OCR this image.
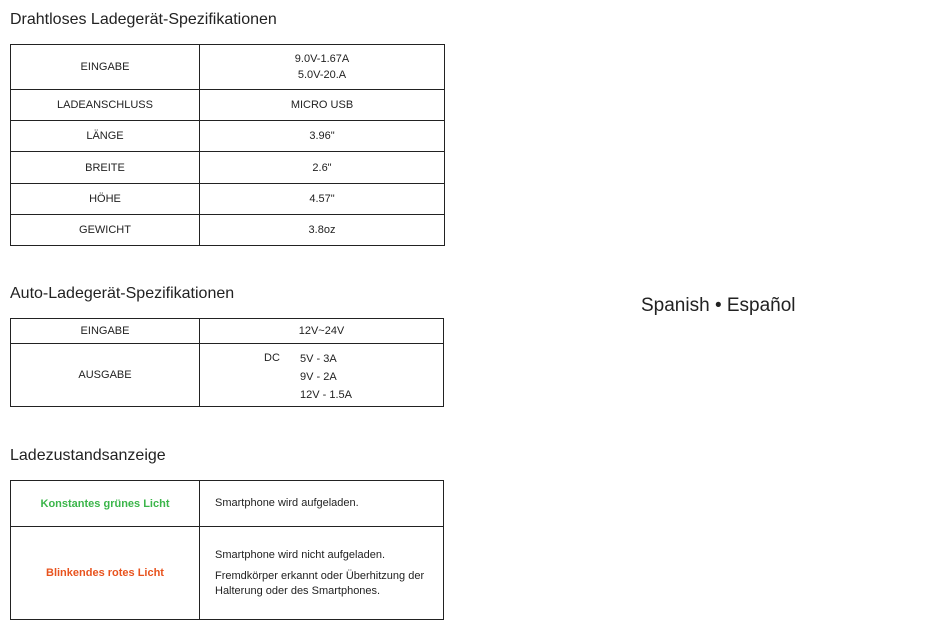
Drahtloses Ladegerät-Spezifikationen
EINGABE	9.0V-1.67A
5.0V-20.A

LADEANSCHLUSS	MICRO USB
LÄNGE	3.96"
BREITE	2.6"
HÖHE	4.57"
GEWICHT	3.8oz
Auto-Ladegerät-Spezifikationen
EINGABE	12V~24V
AUSGABE	DC 5V - 3A
9V - 2A
12V - 1.5A
Ladezustandsanzeige
Konstantes grünes Licht	Smartphone wird aufgeladen.

Blinkendes rotes Licht	Smartphone wird nicht aufgeladen.
Fremdkörper erkannt oder Überhitzung der Halterung oder des Smartphones.
Spanish • Español
